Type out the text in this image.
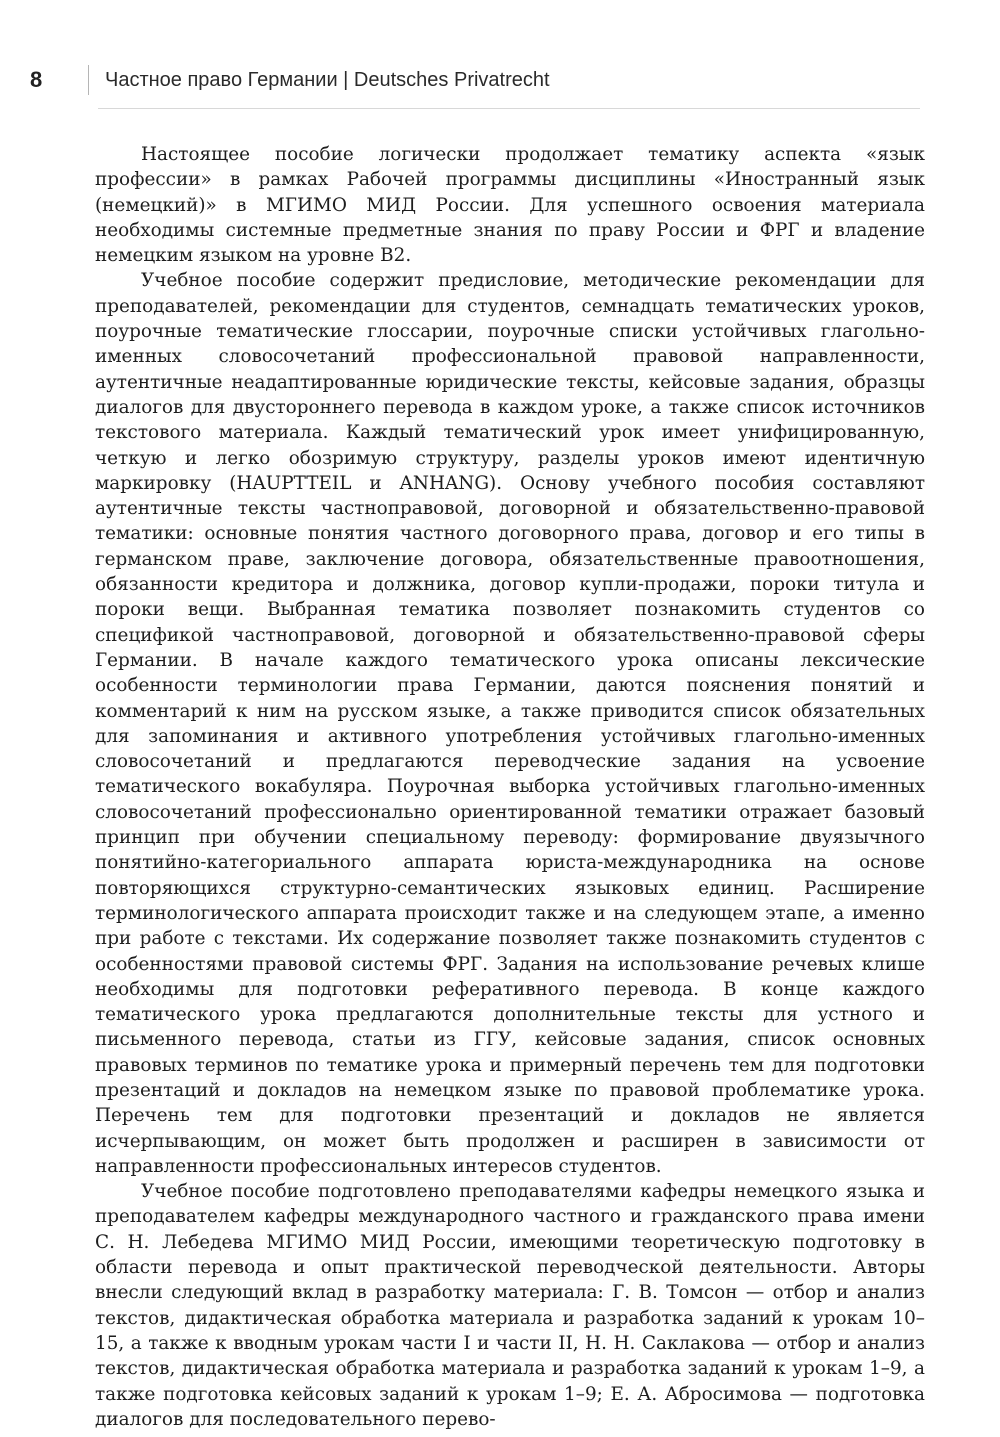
8	Частное право Германии | Deutsches Privatrecht

Настоящее пособие логически продолжает тематику аспекта «язык профессии» в рамках Рабочей программы дисциплины «Иностранный язык (немецкий)» в МГИМО МИД России. Для успешного освоения материала необходимы системные предметные знания по праву России и ФРГ и владение немецким языком на уровне B2.

Учебное пособие содержит предисловие, методические рекомендации для преподавателей, рекомендации для студентов, семнадцать тематических уроков, поурочные тематические глоссарии, поурочные списки устойчивых глагольно-именных словосочетаний профессиональной правовой направленности, аутентичные неадаптированные юридические тексты, кейсовые задания, образцы диалогов для двустороннего перевода в каждом уроке, а также список источников текстового материала. Каждый тематический урок имеет унифицированную, четкую и легко обозримую структуру, разделы уроков имеют идентичную маркировку (HAUPTTEIL и ANHANG). Основу учебного пособия составляют аутентичные тексты частноправовой, договорной и обязательственно-правовой тематики: основные понятия частного договорного права, договор и его типы в германском праве, заключение договора, обязательственные правоотношения, обязанности кредитора и должника, договор купли-продажи, пороки титула и пороки вещи. Выбранная тематика позволяет познакомить студентов со спецификой частноправовой, договорной и обязательственно-правовой сферы Германии. В начале каждого тематического урока описаны лексические особенности терминологии права Германии, даются пояснения понятий и комментарий к ним на русском языке, а также приводится список обязательных для запоминания и активного употребления устойчивых глагольно-именных словосочетаний и предлагаются переводческие задания на усвоение тематического вокабуляра. Поурочная выборка устойчивых глагольно-именных словосочетаний профессионально ориентированной тематики отражает базовый принцип при обучении специальному переводу: формирование двуязычного понятийно-категориального аппарата юриста-международника на основе повторяющихся структурно-семантических языковых единиц. Расширение терминологического аппарата происходит также и на следующем этапе, а именно при работе с текстами. Их содержание позволяет также познакомить студентов с особенностями правовой системы ФРГ. Задания на использование речевых клише необходимы для подготовки реферативного перевода. В конце каждого тематического урока предлагаются дополнительные тексты для устного и письменного перевода, статьи из ГГУ, кейсовые задания, список основных правовых терминов по тематике урока и примерный перечень тем для подготовки презентаций и докладов на немецком языке по правовой проблематике урока. Перечень тем для подготовки презентаций и докладов не является исчерпывающим, он может быть продолжен и расширен в зависимости от направленности профессиональных интересов студентов.

Учебное пособие подготовлено преподавателями кафедры немецкого языка и преподавателем кафедры международного частного и гражданского права имени С. Н. Лебедева МГИМО МИД России, имеющими теоретическую подготовку в области перевода и опыт практической переводческой деятельности. Авторы внесли следующий вклад в разработку материала: Г. В. Томсон — отбор и анализ текстов, дидактическая обработка материала и разработка заданий к урокам 10–15, а также к вводным урокам части I и части II, Н. Н. Саклакова — отбор и анализ текстов, дидактическая обработка материала и разработка заданий к урокам 1–9, а также подготовка кейсовых заданий к урокам 1–9; Е. А. Абросимова — подготовка диалогов для последовательного перево-
